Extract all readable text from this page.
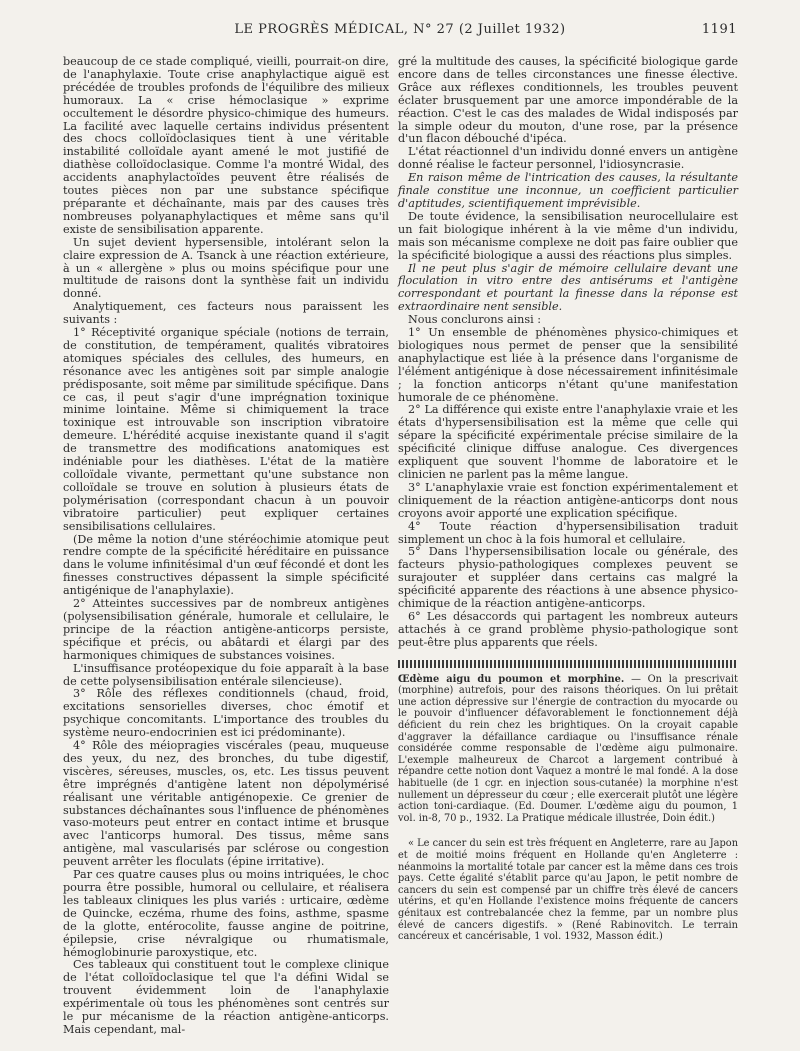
LE PROGRÈS MÉDICAL, N° 27 (2 Juillet 1932)	1191

beaucoup de ce stade compliqué, vieilli, pourrait-on dire, de l'anaphylaxie. Toute crise anaphylactique aiguë est précédée de troubles profonds de l'équilibre des milieux humoraux. La « crise hémoclasique » exprime occultement le désordre physico-chimique des humeurs. La facilité avec laquelle certains individus présentent des chocs colloïdoclasiques tient à une véritable instabilité colloïdale ayant amené le mot justifié de diathèse colloïdoclasique. Comme l'a montré Widal, des accidents anaphylactoïdes peuvent être réalisés de toutes pièces non par une substance spécifique préparante et déchaînante, mais par des causes très nombreuses polyanaphylactiques et même sans qu'il existe de sensibilisation apparente.

Un sujet devient hypersensible, intolérant selon la claire expression de A. Tsanck à une réaction extérieure, à un « allergène » plus ou moins spécifique pour une multitude de raisons dont la synthèse fait un individu donné.

Analytiquement, ces facteurs nous paraissent les suivants :

1° Réceptivité organique spéciale (notions de terrain, de constitution, de tempérament, qualités vibratoires atomiques spéciales des cellules, des humeurs, en résonance avec les antigènes soit par simple analogie prédisposante, soit même par similitude spécifique. Dans ce cas, il peut s'agir d'une imprégnation toxinique minime lointaine. Même si chimiquement la trace toxinique est introuvable son inscription vibratoire demeure. L'hérédité acquise inexistante quand il s'agit de transmettre des modifications anatomiques est indéniable pour les diathèses. L'état de la matière colloïdale vivante, permettant qu'une substance non colloïdale se trouve en solution à plusieurs états de polymérisation (correspondant chacun à un pouvoir vibratoire particulier) peut expliquer certaines sensibilisations cellulaires.

(De même la notion d'une stéréochimie atomique peut rendre compte de la spécificité héréditaire en puissance dans le volume infinitésimal d'un œuf fécondé et dont les finesses constructives dépassent la simple spécificité antigénique de l'anaphylaxie).

2° Atteintes successives par de nombreux antigènes (polysensibilisation générale, humorale et cellulaire, le principe de la réaction antigène-anticorps persiste, spécifique et précis, ou abâtardi et élargi par des harmoniques chimiques de substances voisines.

L'insuffisance protéopexique du foie apparaît à la base de cette polysensibilisation entérale silencieuse).

3° Rôle des réflexes conditionnels (chaud, froid, excitations sensorielles diverses, choc émotif et psychique concomitants. L'importance des troubles du système neuro-endocrinien est ici prédominante).

4° Rôle des méiopragies viscérales (peau, muqueuse des yeux, du nez, des bronches, du tube digestif, viscères, séreuses, muscles, os, etc. Les tissus peuvent être imprégnés d'antigène latent non dépolymérisé réalisant une véritable antigénopexie. Ce grenier de substances déchaînantes sous l'influence de phénomènes vaso-moteurs peut entrer en contact intime et brusque avec l'anticorps humoral. Des tissus, même sans antigène, mal vascularisés par sclérose ou congestion peuvent arrêter les floculats (épine irritative).

Par ces quatre causes plus ou moins intriquées, le choc pourra être possible, humoral ou cellulaire, et réalisera les tableaux cliniques les plus variés : urticaire, œdème de Quincke, eczéma, rhume des foins, asthme, spasme de la glotte, entérocolite, fausse angine de poitrine, épilepsie, crise névralgique ou rhumatismale, hémoglobinurie paroxystique, etc.

Ces tableaux qui constituent tout le complexe clinique de l'état colloïdoclasique tel que l'a défini Widal se trouvent évidemment loin de l'anaphylaxie expérimentale où tous les phénomènes sont centrés sur le pur mécanisme de la réaction antigène-anticorps. Mais cependant, mal-

gré la multitude des causes, la spécificité biologique garde encore dans de telles circonstances une finesse élective. Grâce aux réflexes conditionnels, les troubles peuvent éclater brusquement par une amorce impondérable de la réaction. C'est le cas des malades de Widal indisposés par la simple odeur du mouton, d'une rose, par la présence d'un flacon débouché d'ipéca.

L'état réactionnel d'un individu donné envers un antigène donné réalise le facteur personnel, l'idiosyncrasie.

En raison même de l'intrication des causes, la résultante finale constitue une inconnue, un coefficient particulier d'aptitudes, scientifiquement imprévisible.

De toute évidence, la sensibilisation neurocellulaire est un fait biologique inhérent à la vie même d'un individu, mais son mécanisme complexe ne doit pas faire oublier que la spécificité biologique a aussi des réactions plus simples.

Il ne peut plus s'agir de mémoire cellulaire devant une floculation in vitro entre des antisérums et l'antigène correspondant et pourtant la finesse dans la réponse est extraordinaire nent sensible.

Nous conclurons ainsi :

1° Un ensemble de phénomènes physico-chimiques et biologiques nous permet de penser que la sensibilité anaphylactique est liée à la présence dans l'organisme de l'élément antigénique à dose nécessairement infinitésimale ; la fonction anticorps n'étant qu'une manifestation humorale de ce phénomène.

2° La différence qui existe entre l'anaphylaxie vraie et les états d'hypersensibilisation est la même que celle qui sépare la spécificité expérimentale précise similaire de la spécificité clinique diffuse analogue. Ces divergences expliquent que souvent l'homme de laboratoire et le clinicien ne parlent pas la même langue.

3° L'anaphylaxie vraie est fonction expérimentalement et cliniquement de la réaction antigène-anticorps dont nous croyons avoir apporté une explication spécifique.

4° Toute réaction d'hypersensibilisation traduit simplement un choc à la fois humoral et cellulaire.

5° Dans l'hypersensibilisation locale ou générale, des facteurs physio-pathologiques complexes peuvent se surajouter et suppléer dans certains cas malgré la spécificité apparente des réactions à une absence physico-chimique de la réaction antigène-anticorps.

6° Les désaccords qui partagent les nombreux auteurs attachés à ce grand problème physio-pathologique sont peut-être plus apparents que réels.

Œdème aigu du poumon et morphine. — On la prescrivait (morphine) autrefois, pour des raisons théoriques. On lui prêtait une action dépressive sur l'énergie de contraction du myocarde ou le pouvoir d'influencer défavorablement le fonctionnement déjà déficient du rein chez les brightiques. On la croyait capable d'aggraver la défaillance cardiaque ou l'insuffisance rénale considérée comme responsable de l'œdème aigu pulmonaire. L'exemple malheureux de Charcot a largement contribué à répandre cette notion dont Vaquez a montré le mal fondé. A la dose habituelle (de 1 cgr. en injection sous-cutanée) la morphine n'est nullement un dépresseur du cœur ; elle exercerait plutôt une légère action toni-cardiaque. (Ed. Doumer. L'œdème aigu du poumon, 1 vol. in-8, 70 p., 1932. La Pratique médicale illustrée, Doin édit.)

« Le cancer du sein est très fréquent en Angleterre, rare au Japon et de moitié moins fréquent en Hollande qu'en Angleterre : néanmoins la mortalité totale par cancer est la même dans ces trois pays. Cette égalité s'établit parce qu'au Japon, le petit nombre de cancers du sein est compensé par un chiffre très élevé de cancers utérins, et qu'en Hollande l'existence moins fréquente de cancers génitaux est contrebalancée chez la femme, par un nombre plus élevé de cancers digestifs. » (René Rabinovitch. Le terrain cancéreux et cancérisable, 1 vol. 1932, Masson édit.)
